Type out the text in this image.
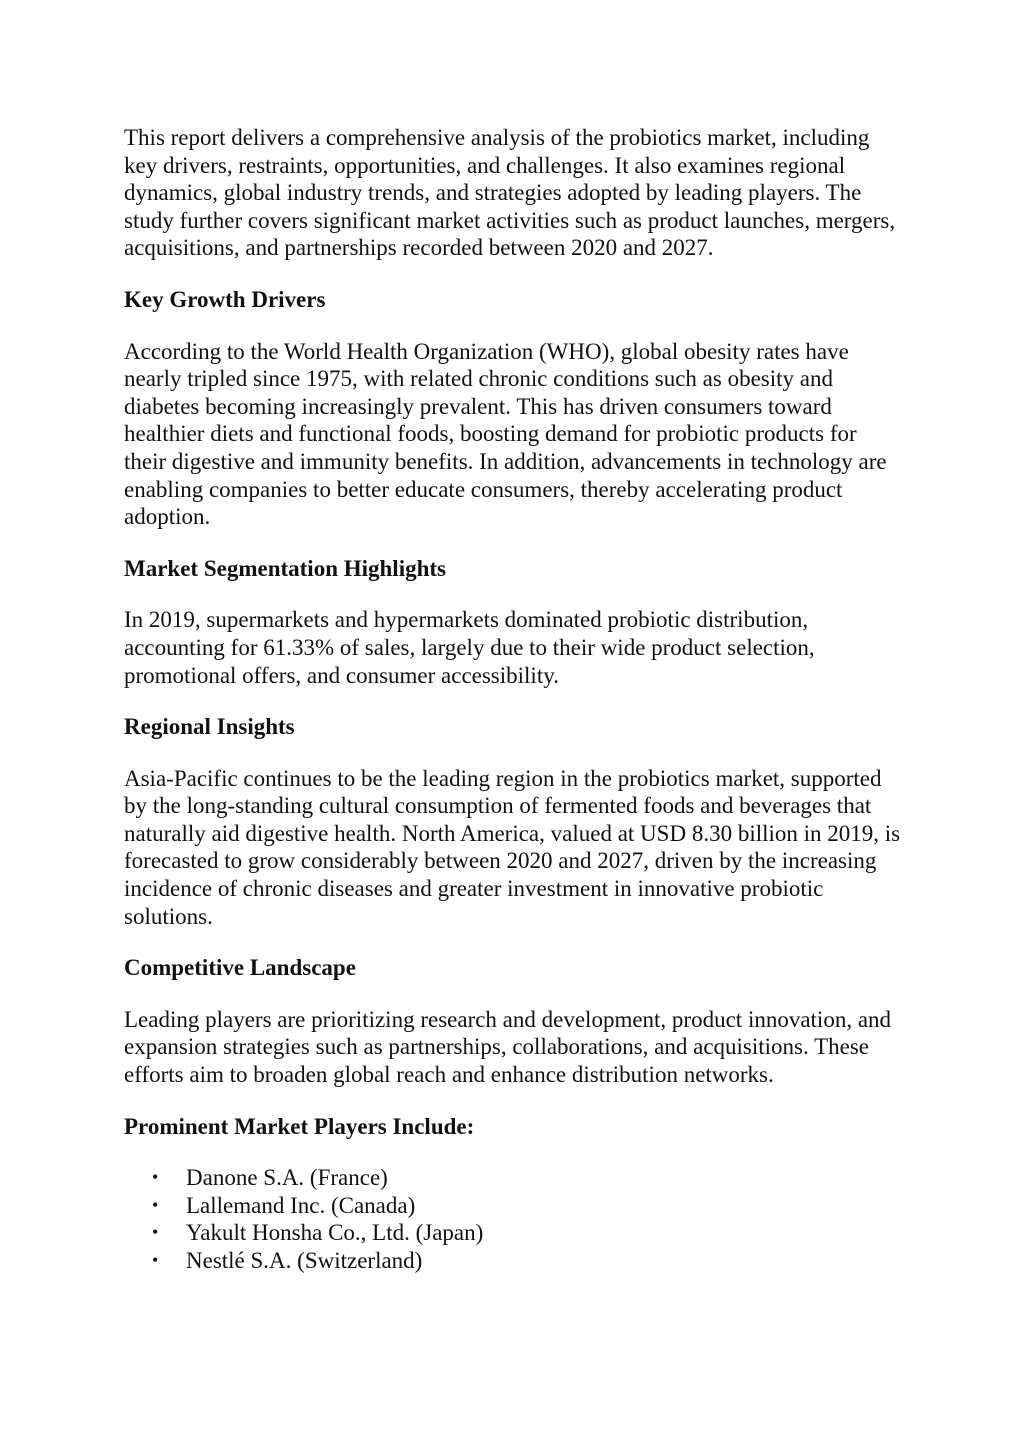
This report delivers a comprehensive analysis of the probiotics market, including key drivers, restraints, opportunities, and challenges. It also examines regional dynamics, global industry trends, and strategies adopted by leading players. The study further covers significant market activities such as product launches, mergers, acquisitions, and partnerships recorded between 2020 and 2027.

Key Growth Drivers

According to the World Health Organization (WHO), global obesity rates have nearly tripled since 1975, with related chronic conditions such as obesity and diabetes becoming increasingly prevalent. This has driven consumers toward healthier diets and functional foods, boosting demand for probiotic products for their digestive and immunity benefits. In addition, advancements in technology are enabling companies to better educate consumers, thereby accelerating product adoption.

Market Segmentation Highlights

In 2019, supermarkets and hypermarkets dominated probiotic distribution, accounting for 61.33% of sales, largely due to their wide product selection, promotional offers, and consumer accessibility.

Regional Insights

Asia-Pacific continues to be the leading region in the probiotics market, supported by the long-standing cultural consumption of fermented foods and beverages that naturally aid digestive health. North America, valued at USD 8.30 billion in 2019, is forecasted to grow considerably between 2020 and 2027, driven by the increasing incidence of chronic diseases and greater investment in innovative probiotic solutions.

Competitive Landscape

Leading players are prioritizing research and development, product innovation, and expansion strategies such as partnerships, collaborations, and acquisitions. These efforts aim to broaden global reach and enhance distribution networks.

Prominent Market Players Include:
•	Danone S.A. (France)
•	Lallemand Inc. (Canada)
•	Yakult Honsha Co., Ltd. (Japan)
•	Nestlé S.A. (Switzerland)
